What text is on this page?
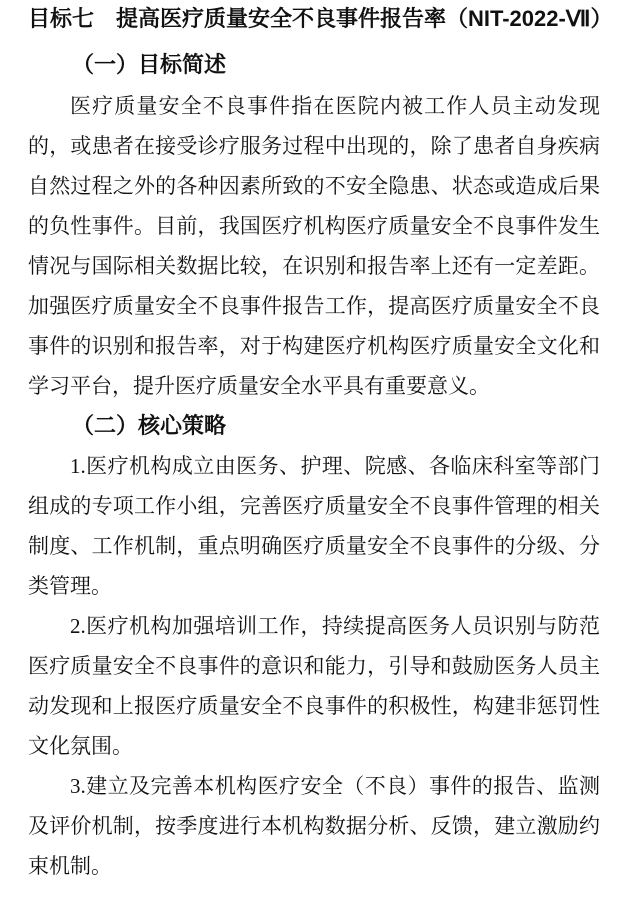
目标七　提高医疗质量安全不良事件报告率（NIT-2022-Ⅶ）
（一）目标简述

医疗质量安全不良事件指在医院内被工作人员主动发现的，或患者在接受诊疗服务过程中出现的，除了患者自身疾病自然过程之外的各种因素所致的不安全隐患、状态或造成后果的负性事件。目前，我国医疗机构医疗质量安全不良事件发生情况与国际相关数据比较，在识别和报告率上还有一定差距。加强医疗质量安全不良事件报告工作，提高医疗质量安全不良事件的识别和报告率，对于构建医疗机构医疗质量安全文化和学习平台，提升医疗质量安全水平具有重要意义。

（二）核心策略

1.医疗机构成立由医务、护理、院感、各临床科室等部门组成的专项工作小组，完善医疗质量安全不良事件管理的相关制度、工作机制，重点明确医疗质量安全不良事件的分级、分类管理。

2.医疗机构加强培训工作，持续提高医务人员识别与防范医疗质量安全不良事件的意识和能力，引导和鼓励医务人员主动发现和上报医疗质量安全不良事件的积极性，构建非惩罚性文化氛围。

3.建立及完善本机构医疗安全（不良）事件的报告、监测及评价机制，按季度进行本机构数据分析、反馈，建立激励约束机制。
